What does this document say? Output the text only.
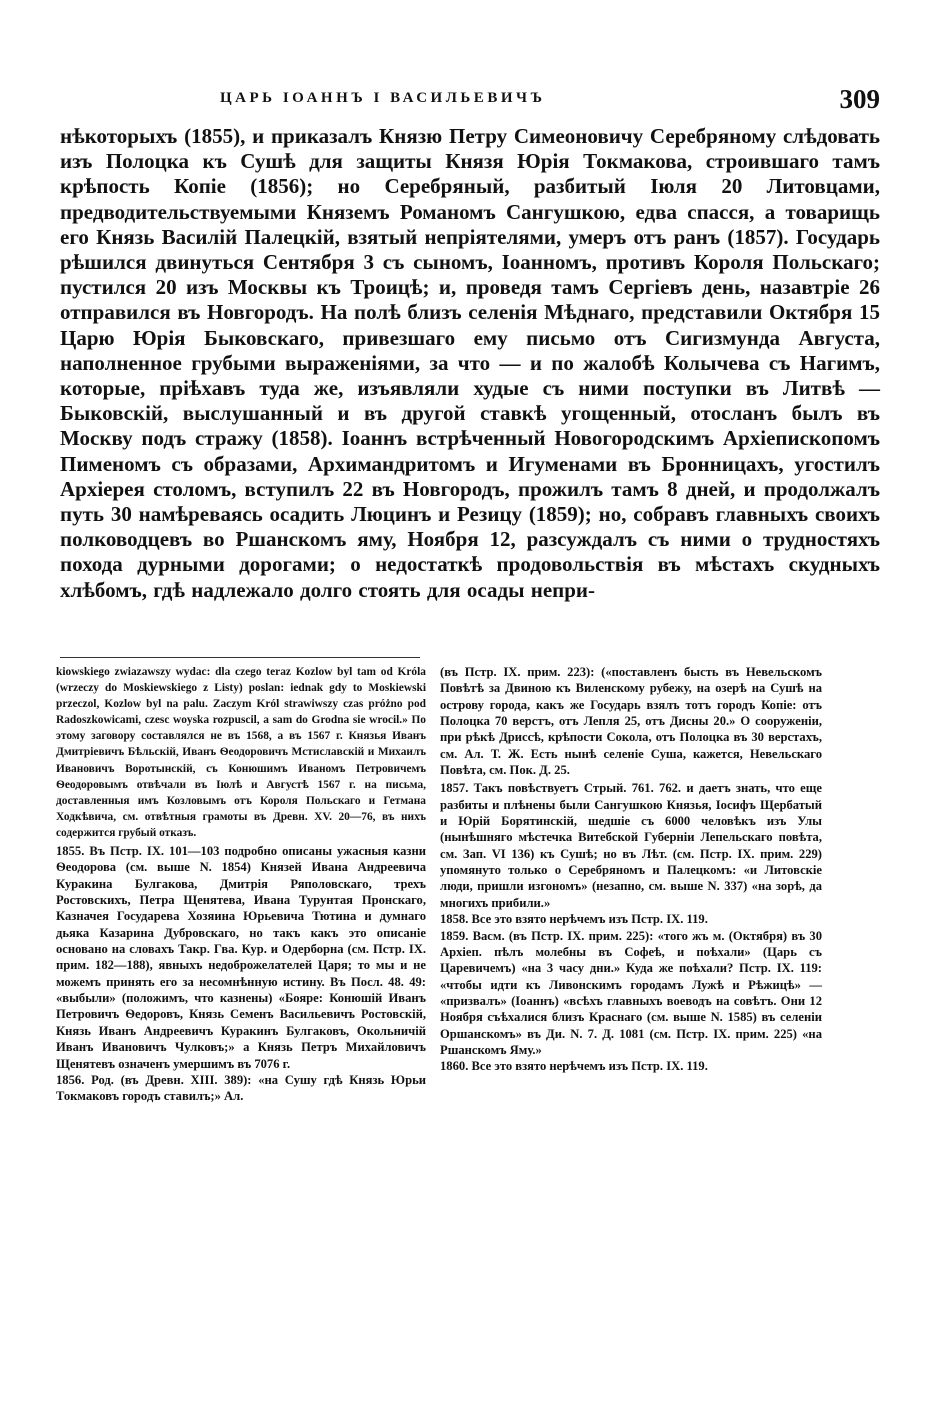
ЦАРЬ IОАННЪ I ВАСИЛЬЕВИЧЪ	309

нѣкоторыхъ (1855), и приказалъ Князю Петру Симеоновичу Серебряному слѣдовать изъ Полоцка къ Сушѣ для защиты Князя Юрія Токмакова, строившаго тамъ крѣпость Копіе (1856); но Серебряный, разбитый Іюля 20 Литовцами, предводительствуемыми Княземъ Романомъ Сангушкою, едва спасся, а товарищь его Князь Василій Палецкій, взятый непріятелями, умеръ отъ ранъ (1857). Государь рѣшился двинуться Сентября 3 съ сыномъ, Іоанномъ, противъ Короля Польскаго; пустился 20 изъ Москвы къ Троицѣ; и, проведя тамъ Сергіевъ день, назавтріе 26 отправился въ Новгородъ. На полѣ близъ селенія Мѣднаго, представили Октября 15 Царю Юрія Быковскаго, привезшаго ему письмо отъ Сигизмунда Августа, наполненное грубыми выраженіями, за что — и по жалобѣ Колычева съ Нагимъ, которые, пріѣхавъ туда же, изъявляли худые съ ними поступки въ Литвѣ — Быковскій, выслушанный и въ другой ставкѣ угощенный, отосланъ былъ въ Москву подъ стражу (1858). Іоаннъ встрѣченный Новогородскимъ Архіепископомъ Пименомъ съ образами, Архимандритомъ и Игуменами въ Бронницахъ, угостилъ Архіерея столомъ, вступилъ 22 въ Новгородъ, прожилъ тамъ 8 дней, и продолжалъ путь 30 намѣреваясь осадить Люцинъ и Резицу (1859); но, собравъ главныхъ своихъ полководцевъ во Ршанскомъ яму, Ноября 12, разсуждалъ съ ними о трудностяхъ похода дурными дорогами; о недостаткѣ продовольствія въ мѣстахъ скудныхъ хлѣбомъ, гдѣ надлежало долго стоять для осады непри-

kiowskiego zwiazawszy wydac: dla czego teraz Kozlow byl tam od Króla (wrzeczy do Moskiewskiego z Listy) poslan: iednak gdy to Moskiewski przeczol, Kozlow byl na palu. Zaczym Król strawiwszy czas próżno pod Radoszkowicami, czesc woyska rozpuscil, a sam do Grodna sie wrocil.» По этому заговору составлялся не въ 1568, а въ 1567 г. Князья Иванъ Дмитріевичъ Бѣльскій, Иванъ Ѳеодоровичъ Мстиславскій и Михаилъ Ивановичъ Воротынскій, съ Конюшимъ Иваномъ Петровичемъ Ѳеодоровымъ отвѣчали въ Іюлѣ и Августѣ 1567 г. на письма, доставленныя имъ Козловымъ отъ Короля Польскаго и Гетмана Ходкѣвича, см. отвѣтныя грамоты въ Древн. XV. 20—76, въ нихъ содержится грубый отказъ.

1855. Въ Пстр. IX. 101—103 подробно описаны ужасныя казни Ѳеодорова (см. выше N. 1854) Князей Ивана Андреевича Куракина Булгакова, Дмитрія Ряполовскаго, трехъ Ростовскихъ, Петра Щенятева, Ивана Турунтая Пронскаго, Казначея Государева Хозяина Юрьевича Тютина и думнаго дьяка Казарина Дубровскаго, но такъ какъ это описаніе основано на словахъ Такр. Гва. Кур. и Одерборна (см. Пстр. IX. прим. 182—188), явныхъ недоброжелателей Царя; то мы и не можемъ принять его за несомнѣнную истину. Въ Посл. 48. 49: «выбыли» (положимъ, что казнены) «Бояре: Конюшій Иванъ Петровичъ Ѳедоровъ, Князь Семенъ Васильевичъ Ростовскій, Князь Иванъ Андреевичъ Куракинъ Булгаковъ, Окольничій Иванъ Ивановичъ Чулковъ;» а Князь Петръ Михайловичъ Щенятевъ означенъ умершимъ въ 7076 г.

1856. Род. (въ Древн. XIII. 389): «на Сушу гдѣ Князь Юрьи Токмаковъ городъ ставилъ;» Ал.

(въ Пстр. IX. прим. 223): («поставленъ бысть въ Невельскомъ Повѣтѣ за Двиною къ Виленскому рубежу, на озерѣ на Сушѣ на острову города, какъ же Государь взялъ тотъ городъ Копіе: отъ Полоцка 70 верстъ, отъ Лепля 25, отъ Дисны 20.» О сооруженіи, при рѣкѣ Дриссѣ, крѣпости Сокола, отъ Полоцка въ 30 верстахъ, см. Ал. Т. Ж. Есть нынѣ селеніе Суша, кажется, Невельскаго Повѣта, см. Пок. Д. 25.

1857. Такъ повѣствуетъ Стрый. 761. 762. и даетъ знать, что еще разбиты и плѣнены были Сангушкою Князья, Іосифъ Щербатый и Юрій Борятинскій, шедшіе съ 6000 человѣкъ изъ Улы (нынѣшняго мѣстечка Витебской Губерніи Лепельскаго повѣта, см. Зап. VI 136) къ Сушѣ; но въ Лѣт. (см. Пстр. IX. прим. 229) упомянуто только о Серебряномъ и Палецкомъ: «и Литовскіе люди, пришли изгономъ» (незапно, см. выше N. 337) «на зорѣ, да многихъ прибили.»

1858. Все это взято нерѣчемъ изъ Пстр. IX. 119.

1859. Васм. (въ Пстр. IX. прим. 225): «того жъ м. (Октября) въ 30 Архіеп. пѣлъ молебны въ Софеѣ, и поѣхали» (Царь съ Царевичемъ) «на 3 часу дни.» Куда же поѣхали? Пстр. IX. 119: «чтобы идти къ Ливонскимъ городамъ Лужѣ и Рѣжицѣ» — «призвалъ» (Іоаннъ) «всѣхъ главныхъ воеводъ на совѣтъ. Они 12 Ноября съѣхалися близъ Краснаго (см. выше N. 1585) въ селеніи Оршанскомъ» въ Ди. N. 7. Д. 1081 (см. Пстр. IX. прим. 225) «на Ршанскомъ Яму.»

1860. Все это взято нерѣчемъ изъ Пстр. IX. 119.
